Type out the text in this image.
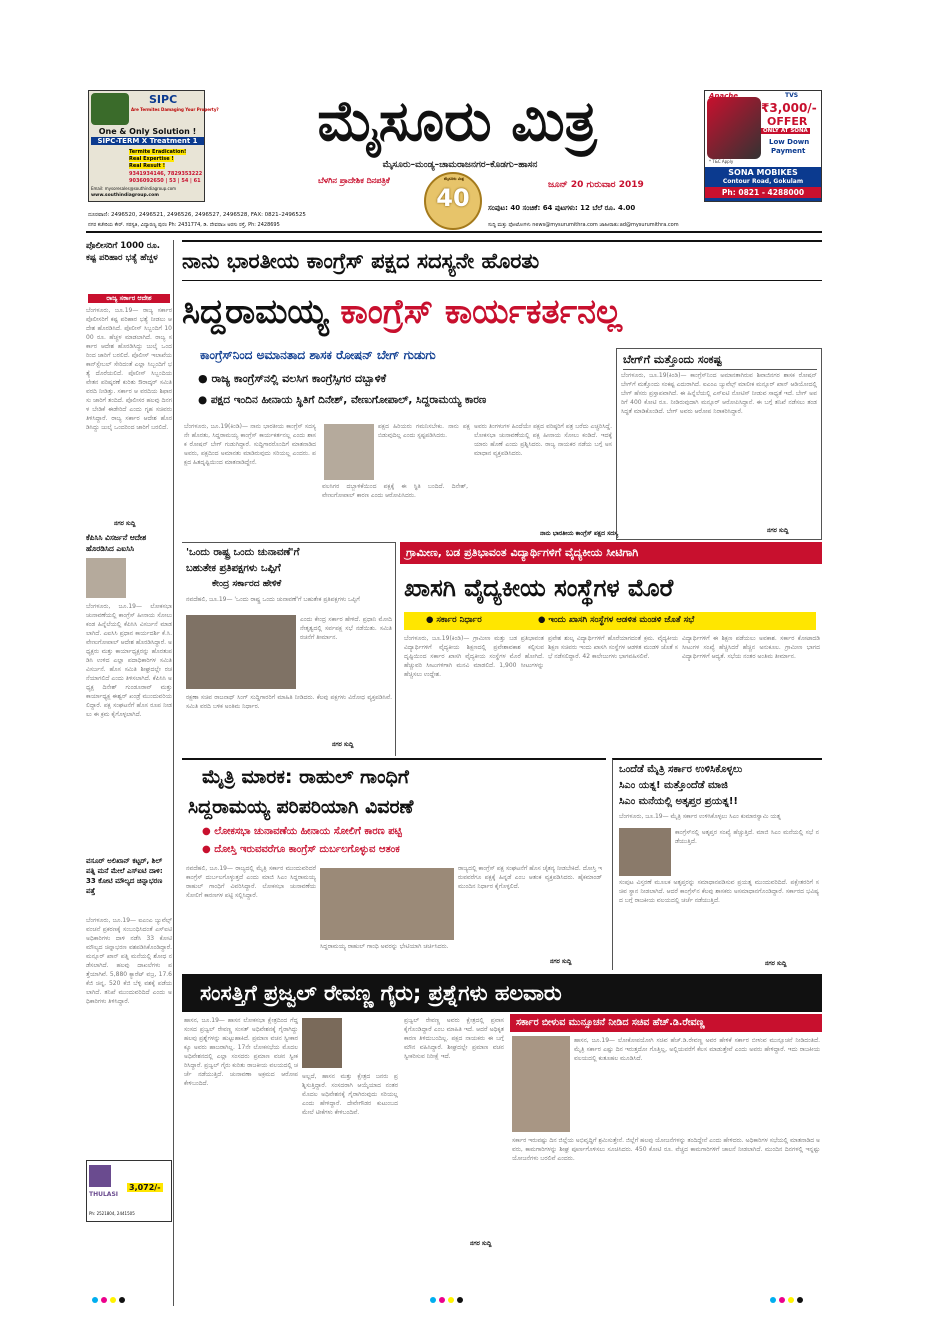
SIPC
Are Termites Damaging Your Property?
One & Only Solution !
SIPC-TERM X Treatment 1
Termite Eradication!
Real Expertise !
Real Result !
9341934146, 7829353222
9036092650 | 53 | 54 | 61
Email: mysoresales@southindiagroup.com
www.southindiagroup.com
ಮೈಸೂರು ಮಿತ್ರ
ಮೈಸೂರು–ಮಂಡ್ಯ–ಚಾಮರಾಜನಗರ–ಕೊಡಗು–ಹಾಸನ
ಬೆಳಗಿನ ಪ್ರಾದೇಶಿಕ ದಿನಪತ್ರಿಕೆ	ಮೈಸೂರು ಮಿತ್ರ
40	ಜೂನ್ 20 ಗುರುವಾರ 2019
ಸಂಪುಟ: 40 ಸಂಚಿಕೆ: 64 ಪುಟಗಳು: 12 ಬೆಲೆ ರೂ. 4.00
Apache	TVS
₹3,000/-
OFFER
ONLY AT SONA
Low Down
Payment
* T&C Apply
SONA MOBIKES
Contour Road, Gokulam
Ph: 0821 - 4288000
ದೂರವಾಣಿ: 2496520, 2496521, 2496526, 2496527, 2496528, FAX: 0821–2496525
ನಗರ ಕಚೇರಿಯ ಕೇರ್. ಸರಸ್ವತಿ, ವಿದ್ಯಾರಣ್ಯ ಪುರಂ Ph: 2431774, ಡಿ. ದೇವರಾಜ ಅರಸು ರಸ್ತೆ, Ph: 2428695	ಸುದ್ದಿ ಮತ್ತು ಫೋಟೋಗಳು news@mysurumithra.com ಜಾಹೀರಾತು:ad@mysurumithra.com
ಪೊಲೀಸರಿಗೆ 1000 ರೂ. ಕಷ್ಟ ಪರಿಹಾರ ಭತ್ಯೆ ಹೆಚ್ಚಳ
ರಾಜ್ಯ ಸರ್ಕಾರ ಆದೇಶ
ಬೆಂಗಳೂರು, ಜೂ.19— ರಾಜ್ಯ ಸರ್ಕಾರ ಪೊಲೀಸರಿಗೆ ಕಷ್ಟ ಪರಿಹಾರ ಭತ್ಯೆ ನೀಡಲು ಆದೇಶ ಹೊರಡಿಸಿದೆ. ಪೊಲೀಸ್ ಸಿಬ್ಬಂದಿಗೆ 1000 ರೂ. ಹೆಚ್ಚಳ ಮಾಡಲಾಗಿದೆ. ರಾಜ್ಯ ಸರ್ಕಾರ ಆದೇಶ ಹೊರಡಿಸಿದ್ದು ಜುಲೈ ಒಂದರಿಂದ ಜಾರಿಗೆ ಬರಲಿದೆ. ಪೊಲೀಸ್ ಇಲಾಖೆಯ ಕಾನ್‌ಸ್ಟೇಬಲ್ ಸೇರಿದಂತೆ ಎಲ್ಲಾ ಸಿಬ್ಬಂದಿಗೆ ಭತ್ಯೆ ದೊರೆಯಲಿದೆ. ಪೊಲೀಸ್ ಸಿಬ್ಬಂದಿಯ ವೇತನ ಪರಿಷ್ಕರಣೆ ಕುರಿತು ಔರಾದ್ಕರ್ ಸಮಿತಿ ವರದಿ ನೀಡಿತ್ತು. ಸರ್ಕಾರ ಆ ವರದಿಯ ಶಿಫಾರಸು ಜಾರಿಗೆ ತಂದಿದೆ. ಪೊಲೀಸರ ಹಲವು ದಿನಗಳ ಬೇಡಿಕೆ ಈಡೇರಿದೆ ಎಂದು ಗೃಹ ಸಚಿವರು ತಿಳಿಸಿದ್ದಾರೆ. ರಾಜ್ಯ ಸರ್ಕಾರ ಆದೇಶ ಹೊರಡಿಸಿದ್ದು ಜುಲೈ ಒಂದರಿಂದ ಜಾರಿಗೆ ಬರಲಿದೆ.
ನಗರ ಸುದ್ದಿ
ಕೆಪಿಸಿಸಿ ವಿಸರ್ಜನೆ ಆದೇಶ ಹೊರಡಿಸಿದ ಎಐಸಿಸಿ
ಬೆಂಗಳೂರು, ಜೂ.19— ಲೋಕಸಭಾ ಚುನಾವಣೆಯಲ್ಲಿ ಕಾಂಗ್ರೆಸ್ ಹೀನಾಯ ಸೋಲು ಕಂಡ ಹಿನ್ನೆಲೆಯಲ್ಲಿ ಕೆಪಿಸಿಸಿ ವಿಸರ್ಜನೆ ಮಾಡಲಾಗಿದೆ. ಎಐಸಿಸಿ ಪ್ರಧಾನ ಕಾರ್ಯದರ್ಶಿ ಕೆ.ಸಿ.ವೇಣುಗೋಪಾಲ್ ಆದೇಶ ಹೊರಡಿಸಿದ್ದಾರೆ. ಅಧ್ಯಕ್ಷರು ಮತ್ತು ಕಾರ್ಯಾಧ್ಯಕ್ಷರನ್ನು ಹೊರತುಪಡಿಸಿ ಉಳಿದ ಎಲ್ಲಾ ಪದಾಧಿಕಾರಿಗಳ ಸಮಿತಿ ವಿಸರ್ಜನೆ. ಹೊಸ ಸಮಿತಿ ಶೀಘ್ರದಲ್ಲೇ ರಚನೆಯಾಗಲಿದೆ ಎಂದು ತಿಳಿಸಲಾಗಿದೆ. ಕೆಪಿಸಿಸಿ ಅಧ್ಯಕ್ಷ ದಿನೇಶ್ ಗುಂಡೂರಾವ್ ಮತ್ತು ಕಾರ್ಯಾಧ್ಯಕ್ಷ ಈಶ್ವರ್ ಖಂಡ್ರೆ ಮುಂದುವರಿಯಲಿದ್ದಾರೆ. ಪಕ್ಷ ಸಂಘಟನೆಗೆ ಹೊಸ ರೂಪ ನೀಡಲು ಈ ಕ್ರಮ ಕೈಗೊಳ್ಳಲಾಗಿದೆ.
ವಸೂರ್ ಅಲಿಖಾನ್ ಕಟ್ಟರ್, ಶಿಲ್ ಪತ್ನಿ ಮನೆ ಮೇಲೆ ಎಸ್‌ಐಟಿ ದಾಳಿ: 33 ಕೋಟಿ ಮೌಲ್ಯದ ಚಿನ್ನಾಭರಣ ಪತ್ತೆ
ಬೆಂಗಳೂರು, ಜೂ.19— ಐಎಂಎ ಜ್ಯುವೆಲ್ಸ್ ವಂಚನೆ ಪ್ರಕರಣಕ್ಕೆ ಸಂಬಂಧಿಸಿದಂತೆ ಎಸ್‌ಐಟಿ ಅಧಿಕಾರಿಗಳು ದಾಳಿ ನಡೆಸಿ 33 ಕೋಟಿ ಮೌಲ್ಯದ ಚಿನ್ನಾಭರಣ ವಶಪಡಿಸಿಕೊಂಡಿದ್ದಾರೆ. ಮನ್ಸೂರ್ ಖಾನ್ ಪತ್ನಿ ಮನೆಯಲ್ಲಿ ಶೋಧ ನಡೆಸಲಾಗಿದೆ. ಹಲವು ದಾಖಲೆಗಳು ಪತ್ತೆಯಾಗಿವೆ. 5,880 ಕ್ಯಾರೆಟ್ ವಜ್ರ, 17.6 ಕೆಜಿ ಚಿನ್ನ, 520 ಕೆಜಿ ಬೆಳ್ಳಿ ವಶಕ್ಕೆ ಪಡೆಯಲಾಗಿದೆ. ತನಿಖೆ ಮುಂದುವರಿದಿದೆ ಎಂದು ಅಧಿಕಾರಿಗಳು ತಿಳಿಸಿದ್ದಾರೆ.
THULASI
3,072/-
Ph: 2521804, 2441505
ನಾನು ಭಾರತೀಯ ಕಾಂಗ್ರೆಸ್ ಪಕ್ಷದ ಸದಸ್ಯನೇ ಹೊರತು
ಸಿದ್ದರಾಮಯ್ಯ ಕಾಂಗ್ರೆಸ್ ಕಾರ್ಯಕರ್ತನಲ್ಲ
ಕಾಂಗ್ರೆಸ್‌ನಿಂದ ಅಮಾನತಾದ ಶಾಸಕ ರೋಷನ್ ಬೇಗ್ ಗುಡುಗು
● ರಾಜ್ಯ ಕಾಂಗ್ರೆಸ್‌ನಲ್ಲಿ ವಲಸಿಗ ಕಾಂಗ್ರೆಸ್ಸಿಗರ ದಬ್ಬಾಳಿಕೆ
● ಪಕ್ಷದ ಇಂದಿನ ಹೀನಾಯ ಸ್ಥಿತಿಗೆ ದಿನೇಶ್, ವೇಣುಗೋಪಾಲ್, ಸಿದ್ದರಾಮಯ್ಯ ಕಾರಣ
ಬೆಂಗಳೂರು, ಜೂ.19(ಕಿಂಡಿ)— ನಾನು ಭಾರತೀಯ ಕಾಂಗ್ರೆಸ್ ಸದಸ್ಯನೇ ಹೊರತು, ಸಿದ್ದರಾಮಯ್ಯ ಕಾಂಗ್ರೆಸ್ ಕಾರ್ಯಕರ್ತನಲ್ಲ ಎಂದು ಶಾಸಕ ರೋಷನ್ ಬೇಗ್ ಗುಡುಗಿದ್ದಾರೆ. ಸುದ್ದಿಗಾರರೊಂದಿಗೆ ಮಾತನಾಡಿದ ಅವರು, ಪಕ್ಷದಿಂದ ಅಮಾನತು ಮಾಡಿರುವುದು ಸರಿಯಲ್ಲ ಎಂದರು. ಪಕ್ಷದ ಹಿತದೃಷ್ಟಿಯಿಂದ ಮಾತನಾಡಿದ್ದೇನೆ.
ವಲಸಿಗರ ದಬ್ಬಾಳಿಕೆಯಿಂದ ಪಕ್ಷಕ್ಕೆ ಈ ಸ್ಥಿತಿ ಬಂದಿದೆ. ದಿನೇಶ್, ವೇಣುಗೋಪಾಲ್ ಕಾರಣ ಎಂದು ಆರೋಪಿಸಿದರು.
ಪಕ್ಷದ ಹಿರಿಯರು ಗಮನಿಸಬೇಕು. ನಾನು ಪಕ್ಷ ಬಿಡುವುದಿಲ್ಲ ಎಂದು ಸ್ಪಷ್ಟಪಡಿಸಿದರು.
ಅವರು ತಿಂಗಳುಗಳ ಹಿಂದೆಯೇ ಪಕ್ಷದ ವರಿಷ್ಠರಿಗೆ ಪತ್ರ ಬರೆದು ಎಚ್ಚರಿಸಿದ್ದೆ. ಲೋಕಸಭಾ ಚುನಾವಣೆಯಲ್ಲಿ ಪಕ್ಷ ಹೀನಾಯ ಸೋಲು ಕಂಡಿದೆ. ಇದಕ್ಕೆ ಯಾರು ಹೊಣೆ ಎಂದು ಪ್ರಶ್ನಿಸಿದರು. ರಾಜ್ಯ ನಾಯಕರ ನಡೆಯ ಬಗ್ಗೆ ಅಸಮಾಧಾನ ವ್ಯಕ್ತಪಡಿಸಿದರು.
ನಾನು ಭಾರತೀಯ ಕಾಂಗ್ರೆಸ್ ಪಕ್ಷದ ಸದಸ್ಯ
ಬೇಗ್‌ಗೆ ಮತ್ತೊಂದು ಸಂಕಷ್ಟ
ಬೆಂಗಳೂರು, ಜೂ.19(ಕಿಂಡಿ)— ಕಾಂಗ್ರೆಸ್‌ನಿಂದ ಅಮಾನತಾಗಿರುವ ಶಿವಾಜಿನಗರ ಶಾಸಕ ರೋಷನ್ ಬೇಗ್‌ಗೆ ಮತ್ತೊಂದು ಸಂಕಷ್ಟ ಎದುರಾಗಿದೆ. ಐಎಂಎ ಜ್ಯುವೆಲ್ಸ್ ಮಾಲೀಕ ಮನ್ಸೂರ್ ಖಾನ್ ಆಡಿಯೋದಲ್ಲಿ ಬೇಗ್ ಹೆಸರು ಪ್ರಸ್ತಾಪವಾಗಿದೆ. ಈ ಹಿನ್ನೆಲೆಯಲ್ಲಿ ಎಸ್‌ಐಟಿ ನೋಟಿಸ್ ನೀಡುವ ಸಾಧ್ಯತೆ ಇದೆ. ಬೇಗ್ ಅವರಿಗೆ 400 ಕೋಟಿ ರೂ. ನೀಡಿರುವುದಾಗಿ ಮನ್ಸೂರ್ ಆರೋಪಿಸಿದ್ದಾನೆ. ಈ ಬಗ್ಗೆ ತನಿಖೆ ನಡೆಸಲು ತಂಡ ಸಿದ್ಧತೆ ಮಾಡಿಕೊಂಡಿದೆ. ಬೇಗ್ ಅವರು ಆರೋಪ ನಿರಾಕರಿಸಿದ್ದಾರೆ.
ನಗರ ಸುದ್ದಿ
'ಒಂದು ರಾಷ್ಟ್ರ ಒಂದು ಚುನಾವಣೆ'ಗೆ
ಬಹುತೇಕ ಪ್ರತಿಪಕ್ಷಗಳು ಒಪ್ಪಿಗೆ
ಕೇಂದ್ರ ಸರ್ಕಾರದ ಹೇಳಿಕೆ
ನವದೆಹಲಿ, ಜೂ.19— 'ಒಂದು ರಾಷ್ಟ್ರ ಒಂದು ಚುನಾವಣೆ'ಗೆ ಬಹುತೇಕ ಪ್ರತಿಪಕ್ಷಗಳು ಒಪ್ಪಿಗೆ
ಎಂದು ಕೇಂದ್ರ ಸರ್ಕಾರ ಹೇಳಿದೆ. ಪ್ರಧಾನಿ ಮೋದಿ ನೇತೃತ್ವದಲ್ಲಿ ಸರ್ವಪಕ್ಷ ಸಭೆ ನಡೆಯಿತು. ಸಮಿತಿ ರಚನೆಗೆ ತೀರ್ಮಾನ.
ರಕ್ಷಣಾ ಸಚಿವ ರಾಜನಾಥ್ ಸಿಂಗ್ ಸುದ್ದಿಗಾರರಿಗೆ ಮಾಹಿತಿ ನೀಡಿದರು. ಕೆಲವು ಪಕ್ಷಗಳು ವಿರೋಧ ವ್ಯಕ್ತಪಡಿಸಿವೆ. ಸಮಿತಿ ವರದಿ ಬಳಿಕ ಅಂತಿಮ ನಿರ್ಧಾರ.
ನಗರ ಸುದ್ದಿ
ಗ್ರಾಮೀಣ, ಬಡ ಪ್ರತಿಭಾವಂತ ವಿದ್ಯಾರ್ಥಿಗಳಿಗೆ ವೈದ್ಯಕೀಯ ಸೀಟಿಗಾಗಿ
ಖಾಸಗಿ ವೈದ್ಯಕೀಯ ಸಂಸ್ಥೆಗಳ ಮೊರೆ
● ಸರ್ಕಾರ ನಿರ್ಧಾರ
●	ಇಂದು ಖಾಸಗಿ ಸಂಸ್ಥೆಗಳ ಆಡಳಿತ ಮಂಡಳಿ ಜೊತೆ ಸಭೆ
ಬೆಂಗಳೂರು, ಜೂ.19(ಕಿಂಡಿ)— ಗ್ರಾಮೀಣ ಮತ್ತು ಬಡ ಪ್ರತಿಭಾವಂತ ವಿದ್ಯಾರ್ಥಿಗಳಿಗೆ ವೈದ್ಯಕೀಯ ಶಿಕ್ಷಣದಲ್ಲಿ ಪ್ರವೇಶಾವಕಾಶ ಕಲ್ಪಿಸುವ ದೃಷ್ಟಿಯಿಂದ ಸರ್ಕಾರ ಖಾಸಗಿ ವೈದ್ಯಕೀಯ ಸಂಸ್ಥೆಗಳ ಮೊರೆ ಹೋಗಿದೆ. ಹೆಚ್ಚುವರಿ ಸೀಟುಗಳಿಗಾಗಿ ಮನವಿ ಮಾಡಲಿದೆ. 1,900 ಸೀಟುಗಳನ್ನು ಹೆಚ್ಚಿಸಲು ಉದ್ದೇಶ.
ಪ್ರವೇಶ ಶುಲ್ಕ ವಿದ್ಯಾರ್ಥಿಗಳಿಗೆ ಹೊರೆಯಾಗದಂತೆ ಕ್ರಮ. ವೈದ್ಯಕೀಯ ಶಿಕ್ಷಣ ಸಚಿವರು ಇಂದು ಖಾಸಗಿ ಸಂಸ್ಥೆಗಳ ಆಡಳಿತ ಮಂಡಳಿ ಜೊತೆ ಸಭೆ ನಡೆಸಲಿದ್ದಾರೆ. 42 ಕಾಲೇಜುಗಳು ಭಾಗವಹಿಸಲಿವೆ.
ವಿದ್ಯಾರ್ಥಿಗಳಿಗೆ ಈ ಶಿಕ್ಷಣ ಪಡೆಯಲು ಅವಕಾಶ. ಸರ್ಕಾರ ಕೋಟಾದಡಿ ಸೀಟುಗಳ ಸಂಖ್ಯೆ ಹೆಚ್ಚಿಸಿದರೆ ಹೆಚ್ಚಿನ ಅನುಕೂಲ. ಗ್ರಾಮೀಣ ಭಾಗದ ವಿದ್ಯಾರ್ಥಿಗಳಿಗೆ ಆದ್ಯತೆ. ಸಭೆಯ ನಂತರ ಅಂತಿಮ ತೀರ್ಮಾನ.
ಮೈತ್ರಿ ಮಾರಕ: ರಾಹುಲ್ ಗಾಂಧಿಗೆ
ಸಿದ್ದರಾಮಯ್ಯ ಪರಿಪರಿಯಾಗಿ ವಿವರಣೆ
● ಲೋಕಸಭಾ ಚುನಾವಣೆಯ ಹೀನಾಯ ಸೋಲಿಗೆ ಕಾರಣ ಪಟ್ಟಿ
● ದೋಸ್ತಿ ಇರುವವರೆಗೂ ಕಾಂಗ್ರೆಸ್ ದುರ್ಬಲಗೊಳ್ಳುವ ಆತಂಕ
ನವದೆಹಲಿ, ಜೂ.19— ರಾಜ್ಯದಲ್ಲಿ ಮೈತ್ರಿ ಸರ್ಕಾರ ಮುಂದುವರಿದರೆ ಕಾಂಗ್ರೆಸ್ ದುರ್ಬಲಗೊಳ್ಳುತ್ತದೆ ಎಂದು ಮಾಜಿ ಸಿಎಂ ಸಿದ್ದರಾಮಯ್ಯ ರಾಹುಲ್ ಗಾಂಧಿಗೆ ವಿವರಿಸಿದ್ದಾರೆ. ಲೋಕಸಭಾ ಚುನಾವಣೆಯ ಸೋಲಿಗೆ ಕಾರಣಗಳ ಪಟ್ಟಿ ಸಲ್ಲಿಸಿದ್ದಾರೆ.
ಸಿದ್ದರಾಮಯ್ಯ ರಾಹುಲ್ ಗಾಂಧಿ ಅವರನ್ನು ಭೇಟಿಯಾಗಿ ಚರ್ಚಿಸಿದರು.
ರಾಜ್ಯದಲ್ಲಿ ಕಾಂಗ್ರೆಸ್ ಪಕ್ಷ ಸಂಘಟನೆಗೆ ಹೊಸ ಚೈತನ್ಯ ನೀಡಬೇಕಿದೆ. ದೋಸ್ತಿ ಇರುವವರೆಗೂ ಪಕ್ಷಕ್ಕೆ ಹಿನ್ನಡೆ ಎಂಬ ಆತಂಕ ವ್ಯಕ್ತಪಡಿಸಿದರು. ಹೈಕಮಾಂಡ್ ಮುಂದಿನ ನಿರ್ಧಾರ ಕೈಗೊಳ್ಳಲಿದೆ.
ನಗರ ಸುದ್ದಿ
ಒಂದೆಡೆ ಮೈತ್ರಿ ಸರ್ಕಾರ ಉಳಿಸಿಕೊಳ್ಳಲು
ಸಿಎಂ ಯತ್ನ! ಮತ್ತೊಂದೆಡೆ ಮಾಜಿ
ಸಿಎಂ ಮನೆಯಲ್ಲಿ ಅತೃಪ್ತರ ಪ್ರಯತ್ನ!!
ಬೆಂಗಳೂರು, ಜೂ.19— ಮೈತ್ರಿ ಸರ್ಕಾರ ಉಳಿಸಿಕೊಳ್ಳಲು ಸಿಎಂ ಕುಮಾರಸ್ವಾಮಿ ಯತ್ನ
ಕಾಂಗ್ರೆಸ್‌ನಲ್ಲಿ ಅತೃಪ್ತರ ಸಂಖ್ಯೆ ಹೆಚ್ಚುತ್ತಿದೆ. ಮಾಜಿ ಸಿಎಂ ಮನೆಯಲ್ಲಿ ಸಭೆ ನಡೆಯುತ್ತಿದೆ.
ಸಂಪುಟ ವಿಸ್ತರಣೆ ಮೂಲಕ ಅತೃಪ್ತರನ್ನು ಸಮಾಧಾನಪಡಿಸುವ ಪ್ರಯತ್ನ ಮುಂದುವರಿದಿದೆ. ಪಕ್ಷೇತರರಿಗೆ ಸಚಿವ ಸ್ಥಾನ ನೀಡಲಾಗಿದೆ. ಆದರೆ ಕಾಂಗ್ರೆಸ್‌ನ ಕೆಲವು ಶಾಸಕರು ಅಸಮಾಧಾನಗೊಂಡಿದ್ದಾರೆ. ಸರ್ಕಾರದ ಭವಿಷ್ಯದ ಬಗ್ಗೆ ರಾಜಕೀಯ ವಲಯದಲ್ಲಿ ಚರ್ಚೆ ನಡೆಯುತ್ತಿದೆ.
ನಗರ ಸುದ್ದಿ
ಸಂಸತ್ತಿಗೆ ಪ್ರಜ್ವಲ್ ರೇವಣ್ಣ ಗೈರು; ಪ್ರಶ್ನೆಗಳು ಹಲವಾರು
ಹಾಸನ, ಜೂ.19— ಹಾಸನ ಲೋಕಸಭಾ ಕ್ಷೇತ್ರದಿಂದ ಗೆದ್ದ ಸಂಸದ ಪ್ರಜ್ವಲ್ ರೇವಣ್ಣ ಸಂಸತ್ ಅಧಿವೇಶನಕ್ಕೆ ಗೈರಾಗಿದ್ದು ಹಲವು ಪ್ರಶ್ನೆಗಳನ್ನು ಹುಟ್ಟುಹಾಕಿದೆ. ಪ್ರಮಾಣ ವಚನ ಸ್ವೀಕಾರಕ್ಕೂ ಅವರು ಹಾಜರಾಗಿಲ್ಲ. 17ನೇ ಲೋಕಸಭೆಯ ಮೊದಲ ಅಧಿವೇಶನದಲ್ಲಿ ಎಲ್ಲಾ ಸಂಸದರು ಪ್ರಮಾಣ ವಚನ ಸ್ವೀಕರಿಸಿದ್ದಾರೆ. ಪ್ರಜ್ವಲ್ ಗೈರು ಕುರಿತು ರಾಜಕೀಯ ವಲಯದಲ್ಲಿ ಚರ್ಚೆ ನಡೆಯುತ್ತಿದೆ. ಚುನಾವಣಾ ಅಕ್ರಮದ ಆರೋಪ ಕೇಳಿಬಂದಿದೆ.
ಅಲ್ಲದೆ, ಹಾಸನ ಮತ್ತು ಕ್ಷೇತ್ರದ ಜನರು ಪ್ರಶ್ನಿಸುತ್ತಿದ್ದಾರೆ. ಸಂಸದರಾಗಿ ಆಯ್ಕೆಯಾದ ನಂತರ ಮೊದಲ ಅಧಿವೇಶನಕ್ಕೆ ಗೈರಾಗಿರುವುದು ಸರಿಯಲ್ಲ ಎಂದು ಹೇಳಿದ್ದಾರೆ. ದೇವೇಗೌಡರ ಕುಟುಂಬದ ಮೇಲೆ ಟೀಕೆಗಳು ಕೇಳಿಬಂದಿವೆ.
ಪ್ರಜ್ವಲ್ ರೇವಣ್ಣ ಅವರು ಕ್ಷೇತ್ರದಲ್ಲಿ ಪ್ರವಾಸ ಕೈಗೊಂಡಿದ್ದಾರೆ ಎಂಬ ಮಾಹಿತಿ ಇದೆ. ಆದರೆ ಅಧಿಕೃತ ಕಾರಣ ತಿಳಿದುಬಂದಿಲ್ಲ. ಪಕ್ಷದ ನಾಯಕರು ಈ ಬಗ್ಗೆ ಮೌನ ವಹಿಸಿದ್ದಾರೆ. ಶೀಘ್ರದಲ್ಲೇ ಪ್ರಮಾಣ ವಚನ ಸ್ವೀಕರಿಸುವ ನಿರೀಕ್ಷೆ ಇದೆ.
ನಗರ ಸುದ್ದಿ
ಸರ್ಕಾರ ಬೀಳುವ ಮುನ್ಸೂಚನೆ ನೀಡಿದ ಸಚಿವ ಹೆಚ್.ಡಿ.ರೇವಣ್ಣ
ಹಾಸನ, ಜೂ.19— ಲೋಕೋಪಯೋಗಿ ಸಚಿವ ಹೆಚ್.ಡಿ.ರೇವಣ್ಣ ಅವರ ಹೇಳಿಕೆ ಸರ್ಕಾರ ಬೀಳುವ ಮುನ್ಸೂಚನೆ ನೀಡಿದಂತಿದೆ. ಮೈತ್ರಿ ಸರ್ಕಾರ ಎಷ್ಟು ದಿನ ಇರುತ್ತದೋ ಗೊತ್ತಿಲ್ಲ, ಅಲ್ಲಿಯವರೆಗೆ ಕೆಲಸ ಮಾಡುತ್ತೇವೆ ಎಂದು ಅವರು ಹೇಳಿದ್ದಾರೆ. ಇದು ರಾಜಕೀಯ ವಲಯದಲ್ಲಿ ಕುತೂಹಲ ಮೂಡಿಸಿದೆ.
ಸರ್ಕಾರ ಇರುವಷ್ಟು ದಿನ ಜಿಲ್ಲೆಯ ಅಭಿವೃದ್ಧಿಗೆ ಶ್ರಮಿಸುತ್ತೇನೆ. ಜಿಲ್ಲೆಗೆ ಹಲವು ಯೋಜನೆಗಳನ್ನು ತಂದಿದ್ದೇನೆ ಎಂದು ಹೇಳಿದರು. ಅಧಿಕಾರಿಗಳ ಸಭೆಯಲ್ಲಿ ಮಾತನಾಡಿದ ಅವರು, ಕಾಮಗಾರಿಗಳನ್ನು ಶೀಘ್ರ ಪೂರ್ಣಗೊಳಿಸಲು ಸೂಚಿಸಿದರು. 450 ಕೋಟಿ ರೂ. ವೆಚ್ಚದ ಕಾಮಗಾರಿಗಳಿಗೆ ಚಾಲನೆ ನೀಡಲಾಗಿದೆ. ಮುಂದಿನ ದಿನಗಳಲ್ಲಿ ಇನ್ನಷ್ಟು ಯೋಜನೆಗಳು ಬರಲಿವೆ ಎಂದರು.
